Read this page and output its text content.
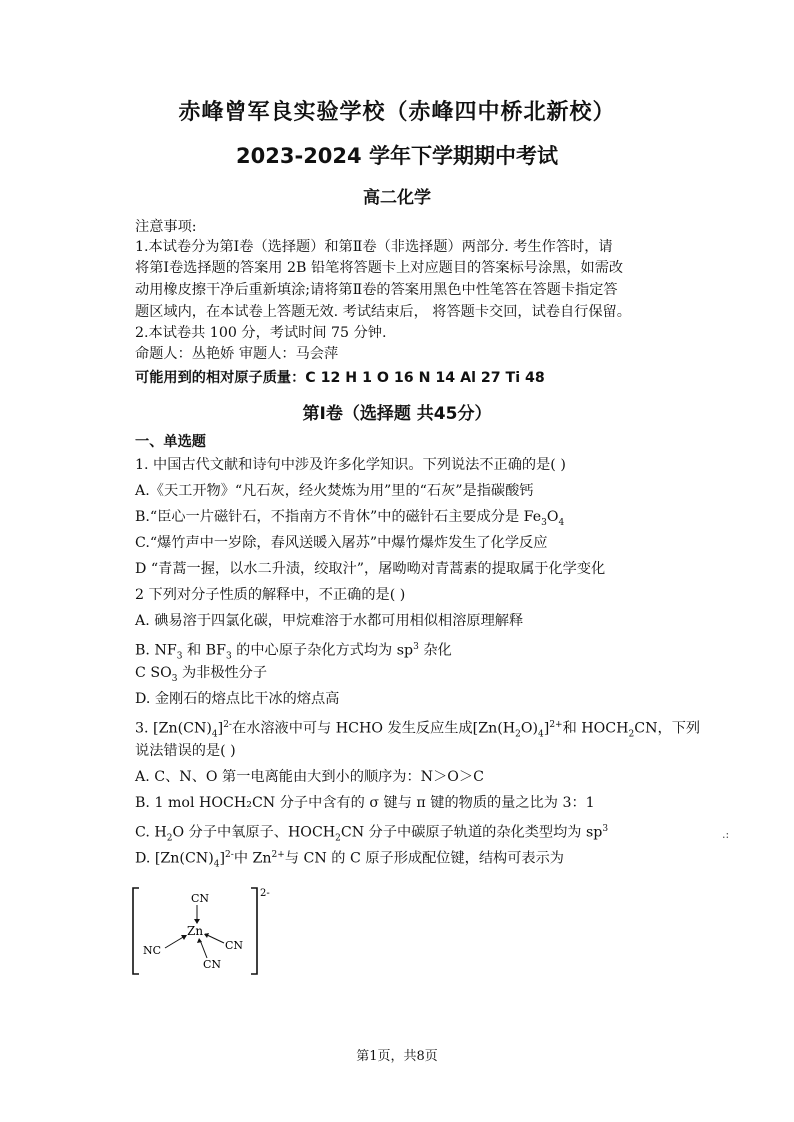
赤峰曾军良实验学校（赤峰四中桥北新校）
2023-2024 学年下学期期中考试
高二化学
注意事项:
1.本试卷分为第Ⅰ卷（选择题）和第Ⅱ卷（非选择题）两部分. 考生作答时，请
将第Ⅰ卷选择题的答案用 2B 铅笔将答题卡上对应题目的答案标号涂黑，如需改
动用橡皮擦干净后重新填涂;请将第Ⅱ卷的答案用黑色中性笔答在答题卡指定答
题区域内，在本试卷上答题无效. 考试结束后， 将答题卡交回，试卷自行保留。
2.本试卷共 100 分，考试时间 75 分钟.
命题人：丛艳娇 审题人：马会萍
可能用到的相对原子质量：C 12 H 1 O 16 N 14 Al 27 Ti 48
第Ⅰ卷（选择题 共45分）
一、单选题
1. 中国古代文献和诗句中涉及许多化学知识。下列说法不正确的是( )
A.《天工开物》“凡石灰，经火焚炼为用”里的“石灰”是指碳酸钙
B.“臣心一片磁针石，不指南方不肯休”中的磁针石主要成分是 $Fe_3O_4$
C.“爆竹声中一岁除，春风送暖入屠苏”中爆竹爆炸发生了化学反应
D “青蒿一握，以水二升渍，绞取汁”，屠呦呦对青蒿素的提取属于化学变化
2 下列对分子性质的解释中，不正确的是( )
A. 碘易溶于四氯化碳，甲烷难溶于水都可用相似相溶原理解释
B. $NF_3$ 和 $BF_3$ 的中心原子杂化方式均为 $sp^3$ 杂化
C $SO_3$ 为非极性分子
D. 金刚石的熔点比干冰的熔点高
3. $[Zn(CN)_4]^{2-}$在水溶液中可与 HCHO 发生反应生成$[Zn(H_2O)_4]^{2+}$和 $HOCH_2CN$，下列
说法错误的是( )
A. C、N、O 第一电离能由大到小的顺序为：N＞O＞C
B. 1 mol HOCH₂CN 分子中含有的 σ 键与 π 键的物质的量之比为 3：1
C. $H_2O$ 分子中氧原子、$HOCH_2CN$ 分子中碳原子轨道的杂化类型均为 $sp^3$
D. $[Zn(CN)_4]^{2-}$中 $Zn^{2+}$与 CN 的 C 原子形成配位键，结构可表示为
.:
2-
Zn
CN
NC	CN
CN
第1页，共8页
